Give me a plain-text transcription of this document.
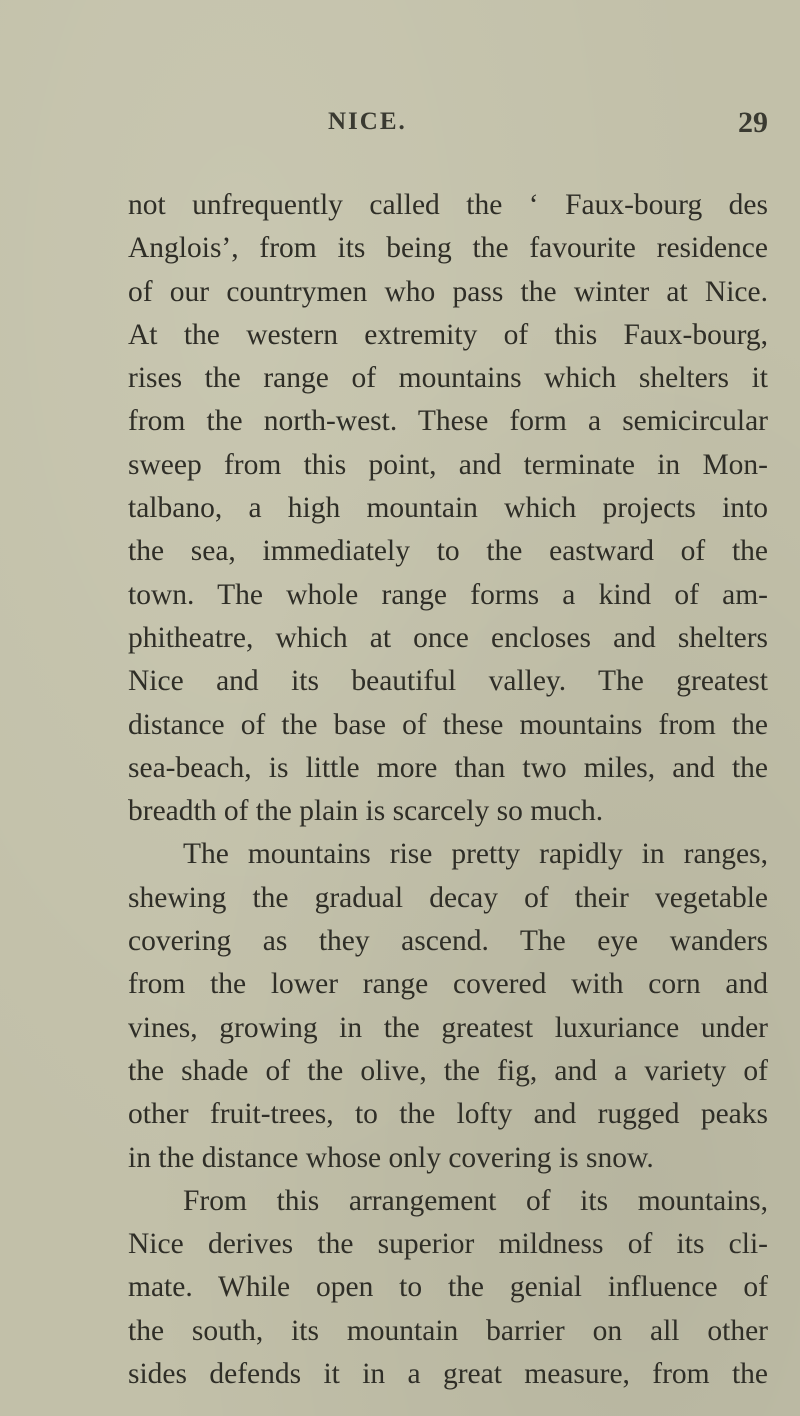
NICE.	29
not unfrequently called the ‘ Faux-bourg des
Anglois’, from its being the favourite residence
of our countrymen who pass the winter at Nice.
At the western extremity of this Faux-bourg,
rises the range of mountains which shelters it
from the north-west. These form a semicircular
sweep from this point, and terminate in Mon-
talbano, a high mountain which projects into
the sea, immediately to the eastward of the
town. The whole range forms a kind of am-
phitheatre, which at once encloses and shelters
Nice and its beautiful valley. The greatest
distance of the base of these mountains from the
sea-beach, is little more than two miles, and the
breadth of the plain is scarcely so much.
The mountains rise pretty rapidly in ranges,
shewing the gradual decay of their vegetable
covering as they ascend. The eye wanders
from the lower range covered with corn and
vines, growing in the greatest luxuriance under
the shade of the olive, the fig, and a variety of
other fruit-trees, to the lofty and rugged peaks
in the distance whose only covering is snow.
From this arrangement of its mountains,
Nice derives the superior mildness of its cli-
mate. While open to the genial influence of
the south, its mountain barrier on all other
sides defends it in a great measure, from the
